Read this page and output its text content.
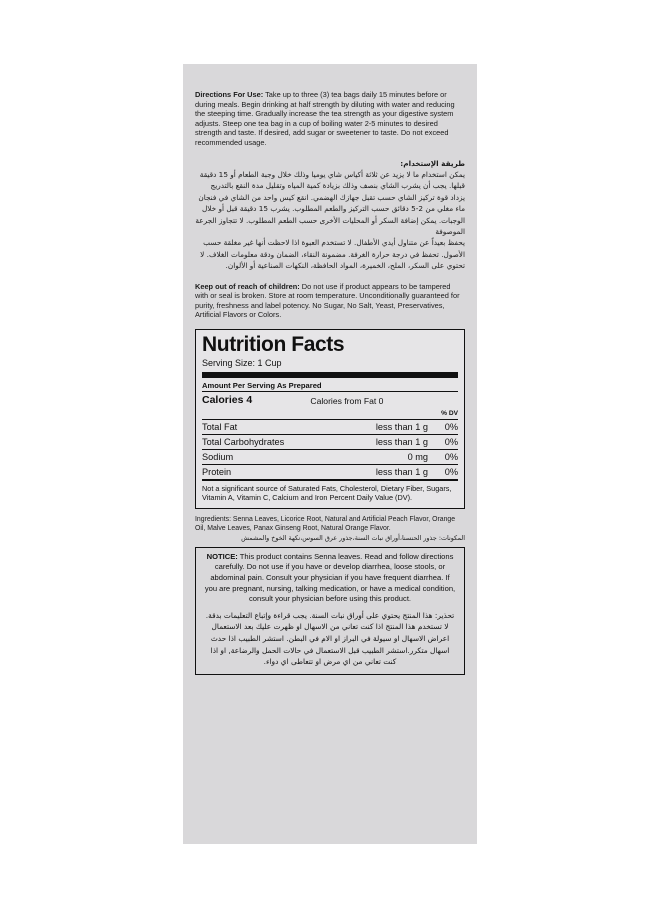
Directions For Use: Take up to three (3) tea bags daily 15 minutes before or during meals. Begin drinking at half strength by diluting with water and reducing the steeping time. Gradually increase the tea strength as your digestive system adjusts. Steep one tea bag in a cup of boiling water 2-5 minutes to desired strength and taste. If desired, add sugar or sweetener to taste. Do not exceed recommended usage.
طريقة الإستخدام:
يمكن استخدام ما لا يزيد عن ثلاثة أكياس شاي يوميا وذلك خلال وجبة الطعام أو 15 دقيقة قبلها. يجب أن يشرب الشاي بنصف وذلك بزيادة كمية المياه وتقليل مدة النقع بالتدريج يزداد قوة تركيز الشاي حسب تقبل جهازك الهضمي. انقع كيس واحد من الشاي في فنجان ماء مغلي من 2-5 دقائق حسب التركيز والطعم المطلوب. يشرب 15 دقيقة قبل أو خلال الوجبات. يمكن إضافة السكر أو المحليات الأخرى حسب الطعم المطلوب. لا تتجاوز الجرعة الموصوفة
يحفظ بعيداً عن متناول أيدي الأطفال. لا تستخدم العبوة اذا لاحظت أنها غير مغلقة حسب الأصول. تحفظ في درجة حرارة الغرفة. مضمونة النقاء، الضمان ودقة معلومات الغلاف. لا تحتوي على السكر، الملح، الخميرة، المواد الحافظة، النكهات الصناعية أو الألوان.
Keep out of reach of children: Do not use if product appears to be tampered with or seal is broken. Store at room temperature. Unconditionally guaranteed for purity, freshness and label potency. No Sugar, No Salt, Yeast, Preservatives, Artificial Flavors or Colors.
Nutrition Facts
Serving Size: 1 Cup
Amount Per Serving As Prepared
Calories 4	Calories from Fat 0	
% DV		
Total Fat	less than 1 g	0%
Total Carbohydrates	less than 1 g	0%
Sodium	0 mg	0%
Protein	less than 1 g	0%
Not a significant source of Saturated Fats, Cholesterol, Dietary Fiber, Sugars, Vitamin A, Vitamin C, Calcium and Iron Percent Daily Value (DV).
Ingredients: Senna Leaves, Licorice Root, Natural and Artificial Peach Flavor, Orange Oil, Malve Leaves, Panax Ginseng Root, Natural Orange Flavor.
المكونات: جذور الحنسنا،أوراق نبات السنة،جذور عرق السوس،نكهة الخوخ والمشمش
NOTICE: This product contains Senna leaves. Read and follow directions carefully. Do not use if you have or develop diarrhea, loose stools, or abdominal pain. Consult your physician if you have frequent diarrhea. If you are pregnant, nursing, talking medication, or have a medical condition, consult your physician before using this product.
تحذير: هذا المنتج يحتوي على أوراق نبات السنة. يجب قراءة وإتباع التعليمات بدقة. لا تستخدم هذا المنتج اذا كنت تعاني من الاسهال او ظهرت عليك بعد الاستعمال اعراض الاسهال او سيولة في البراز او الام في البطن. استشر الطبيب اذا حدث اسهال متكرر.استشر الطبيب قبل الاستعمال في حالات الحمل والرضاعة, او اذا كنت تعاني من اي مرض او تتعاطى اي دواء.
